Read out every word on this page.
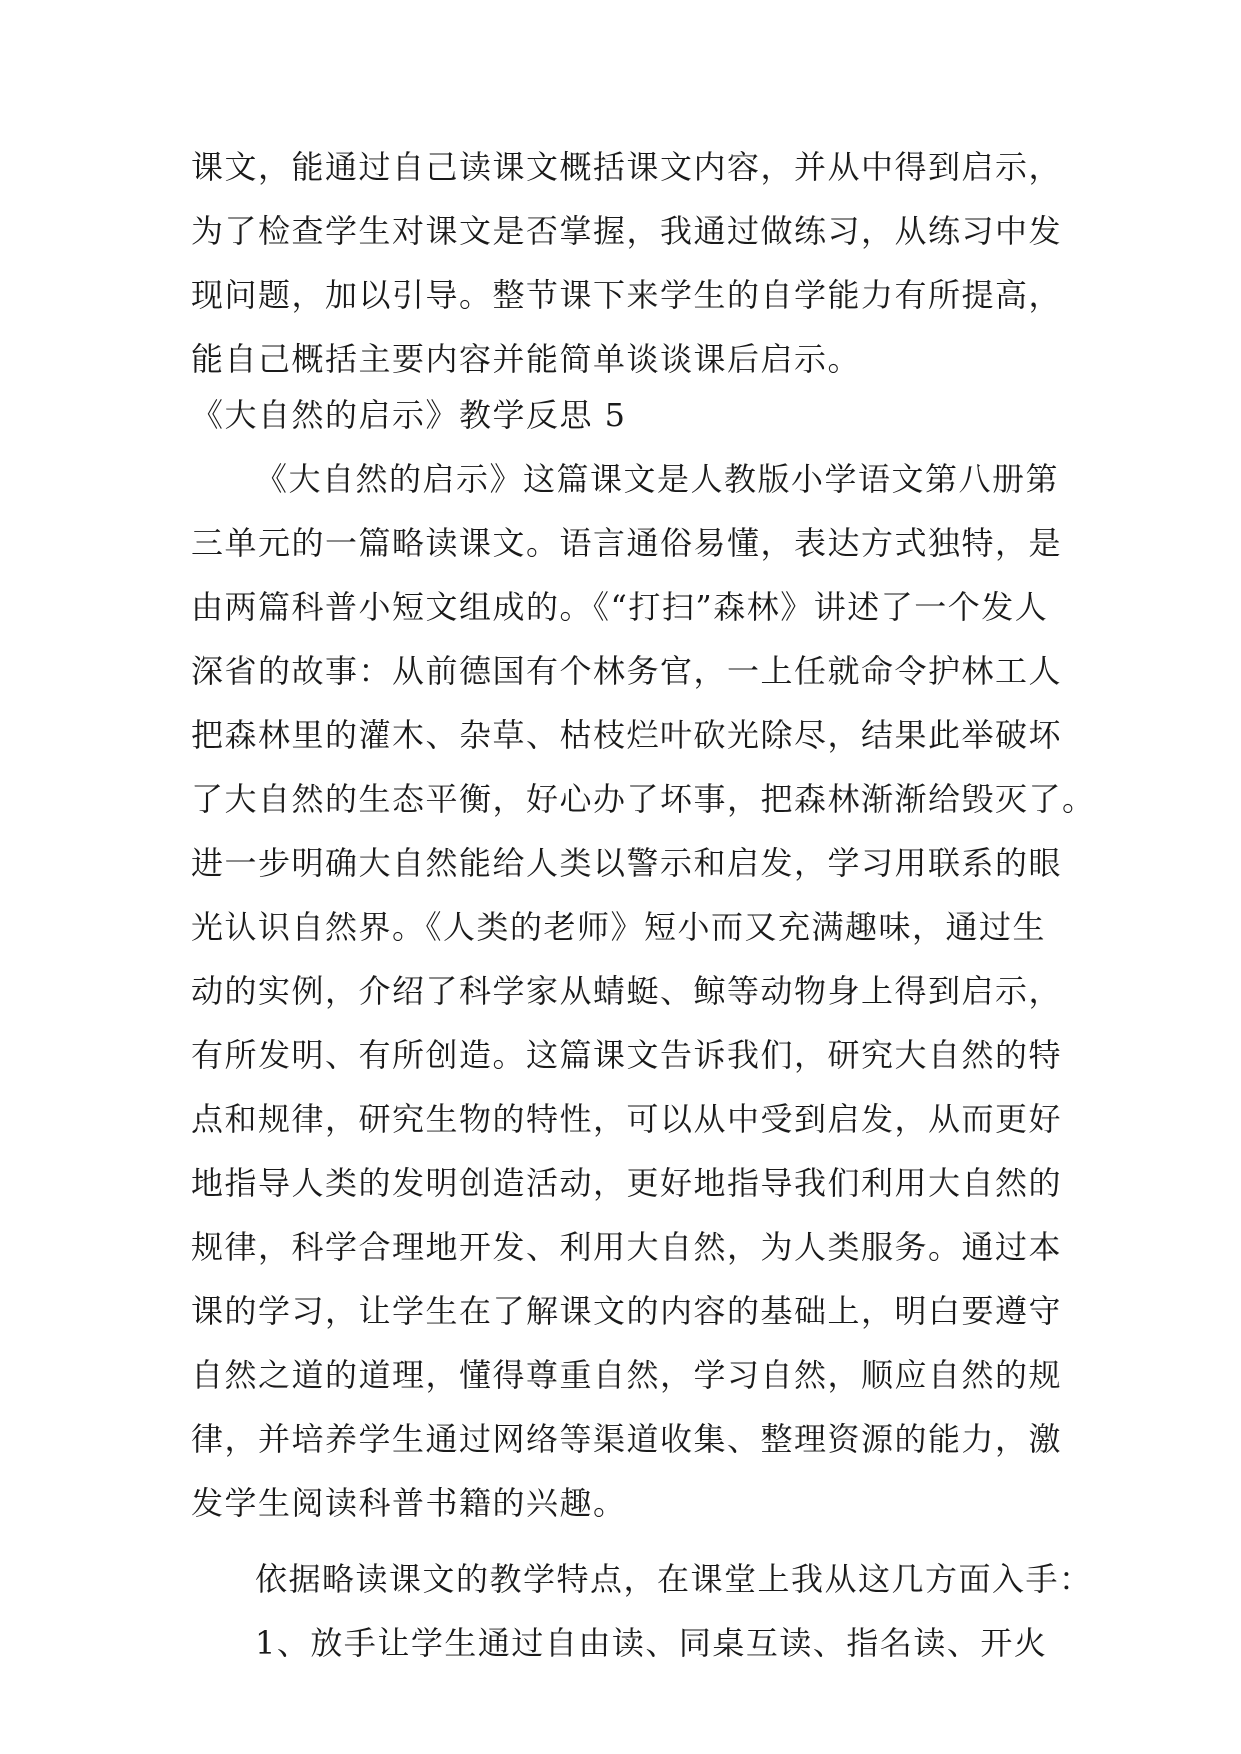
课文，能通过自己读课文概括课文内容，并从中得到启示，
为了检查学生对课文是否掌握，我通过做练习，从练习中发
现问题，加以引导。整节课下来学生的自学能力有所提高，
能自己概括主要内容并能简单谈谈课后启示。
《大自然的启示》教学反思 5
《大自然的启示》这篇课文是人教版小学语文第八册第
三单元的一篇略读课文。语言通俗易懂，表达方式独特，是
由两篇科普小短文组成的。《“打扫”森林》讲述了一个发人
深省的故事：从前德国有个林务官，一上任就命令护林工人
把森林里的灌木、杂草、枯枝烂叶砍光除尽，结果此举破坏
了大自然的生态平衡，好心办了坏事，把森林渐渐给毁灭了。
进一步明确大自然能给人类以警示和启发，学习用联系的眼
光认识自然界。《人类的老师》短小而又充满趣味，通过生
动的实例，介绍了科学家从蜻蜓、鲸等动物身上得到启示，
有所发明、有所创造。这篇课文告诉我们，研究大自然的特
点和规律，研究生物的特性，可以从中受到启发，从而更好
地指导人类的发明创造活动，更好地指导我们利用大自然的
规律，科学合理地开发、利用大自然，为人类服务。通过本
课的学习，让学生在了解课文的内容的基础上，明白要遵守
自然之道的道理，懂得尊重自然，学习自然，顺应自然的规
律，并培养学生通过网络等渠道收集、整理资源的能力，激
发学生阅读科普书籍的兴趣。
依据略读课文的教学特点，在课堂上我从这几方面入手：
1、放手让学生通过自由读、同桌互读、指名读、开火
